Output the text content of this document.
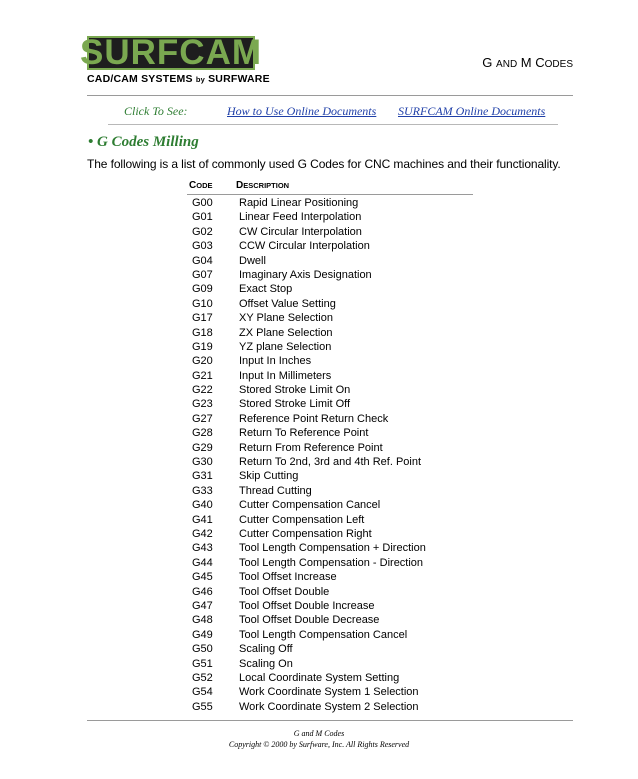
SURFCAM
CAD/CAM SYSTEMS by SURFWARE
G AND M CODES
Click To See:	How to Use Online Documents SURFCAM Online Documents
• G Codes Milling
The following is a list of commonly used G Codes for CNC machines and their functionality.
CODE DESCRIPTION
G00 Rapid Linear Positioning
G01 Linear Feed Interpolation
G02 CW Circular Interpolation
G03 CCW Circular Interpolation
G04 Dwell
G07 Imaginary Axis Designation
G09 Exact Stop
G10 Offset Value Setting
G17 XY Plane Selection
G18 ZX Plane Selection
G19 YZ plane Selection
G20 Input In Inches
G21 Input In Millimeters
G22 Stored Stroke Limit On
G23 Stored Stroke Limit Off
G27 Reference Point Return Check
G28 Return To Reference Point
G29 Return From Reference Point
G30 Return To 2nd, 3rd and 4th Ref. Point
G31 Skip Cutting
G33 Thread Cutting
G40 Cutter Compensation Cancel
G41 Cutter Compensation Left
G42 Cutter Compensation Right
G43 Tool Length Compensation + Direction
G44 Tool Length Compensation - Direction
G45 Tool Offset Increase
G46 Tool Offset Double
G47 Tool Offset Double Increase
G48 Tool Offset Double Decrease
G49 Tool Length Compensation Cancel
G50 Scaling Off
G51 Scaling On
G52 Local Coordinate System Setting
G54 Work Coordinate System 1 Selection
G55 Work Coordinate System 2 Selection
G and M Codes
Copyright © 2000 by Surfware, Inc. All Rights Reserved
